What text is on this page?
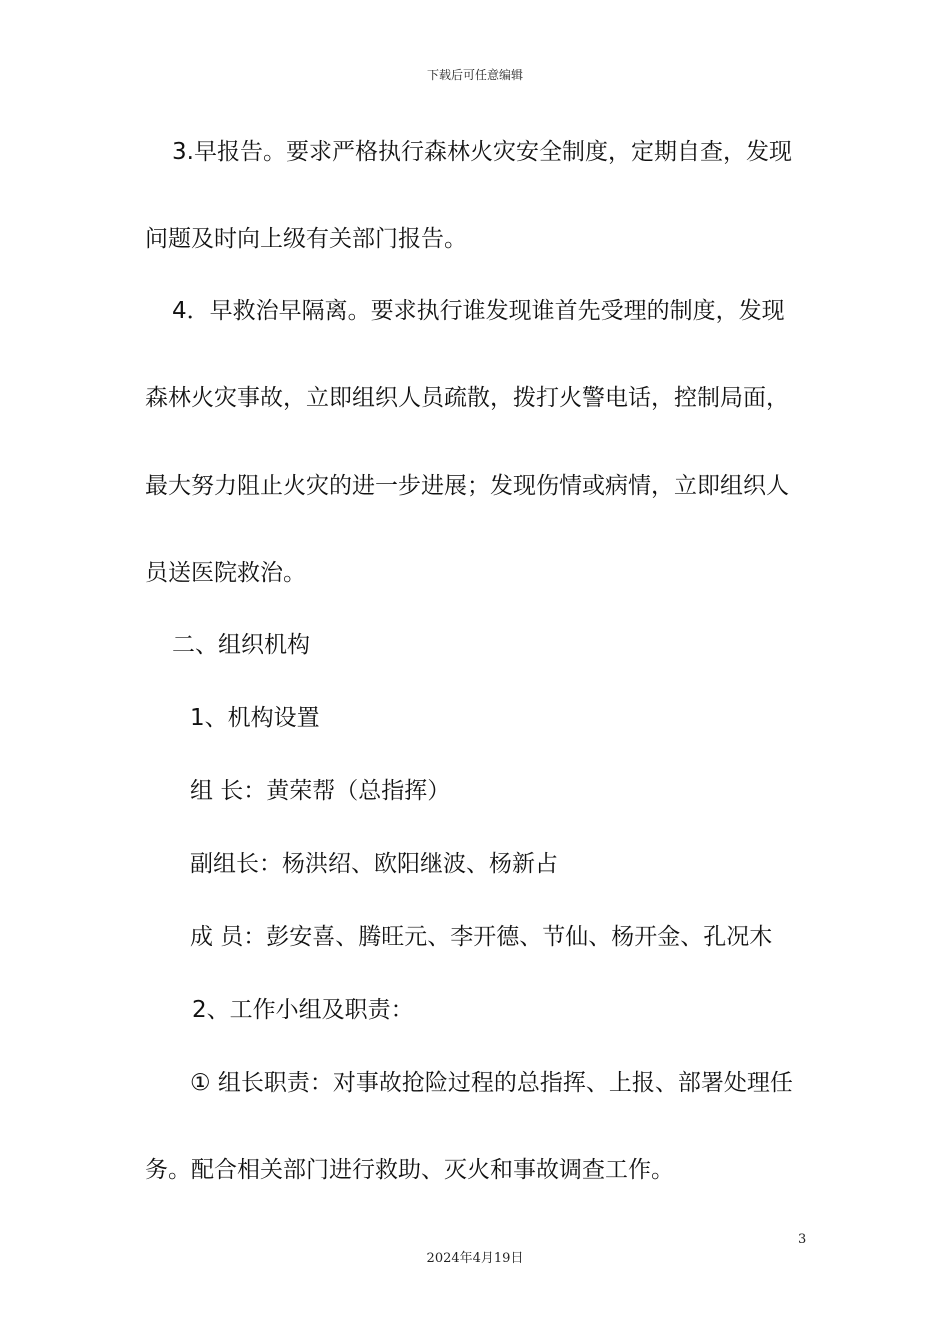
下载后可任意编辑
3.早报告。要求严格执行森林火灾安全制度，定期自查，发现
问题及时向上级有关部门报告。
4．早救治早隔离。要求执行谁发现谁首先受理的制度，发现
森林火灾事故，立即组织人员疏散，拨打火警电话，控制局面，
最大努力阻止火灾的进一步进展；发现伤情或病情，立即组织人
员送医院救治。
二、组织机构
1、机构设置
组 长：黄荣帮（总指挥）
副组长：杨洪绍、欧阳继波、杨新占
成 员：彭安喜、腾旺元、李开德、节仙、杨开金、孔况木
2、工作小组及职责：
① 组长职责：对事故抢险过程的总指挥、上报、部署处理任
务。配合相关部门进行救助、灭火和事故调查工作。
3
2024年4月19日
